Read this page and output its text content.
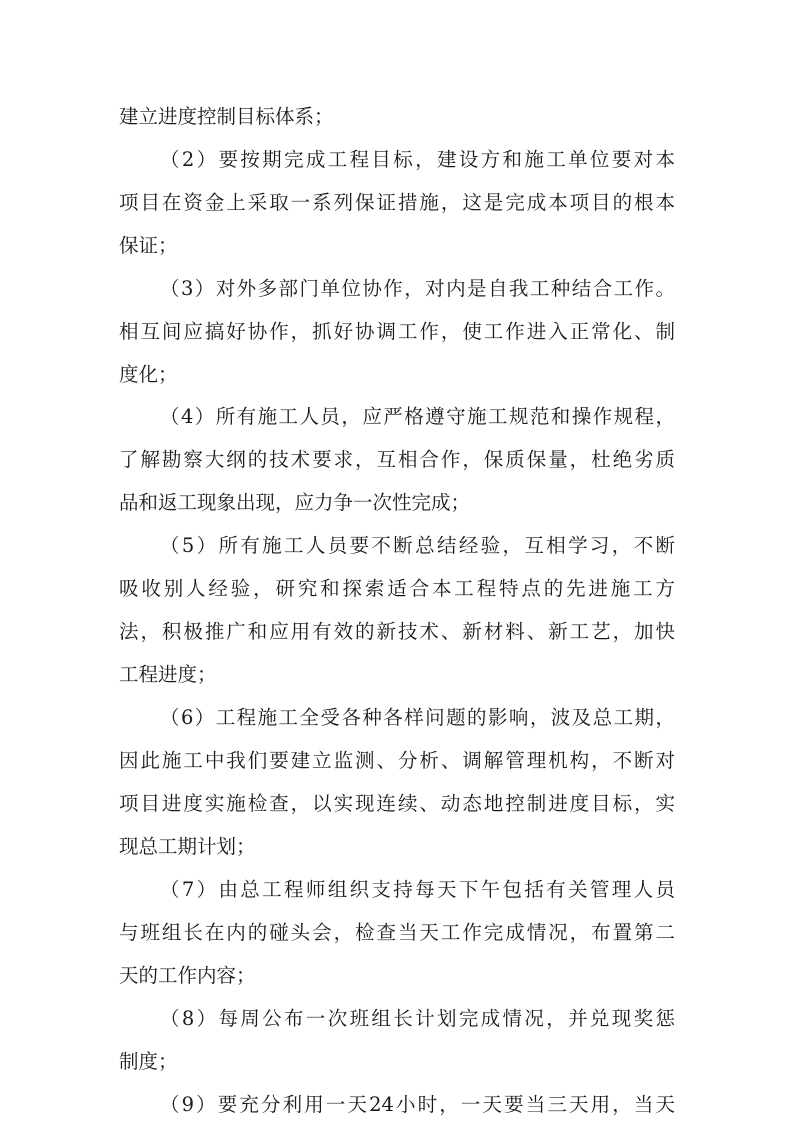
建立进度控制目标体系；
（2）要按期完成工程目标，建设方和施工单位要对本
项目在资金上采取一系列保证措施，这是完成本项目的根本
保证；
（3）对外多部门单位协作，对内是自我工种结合工作。
相互间应搞好协作，抓好协调工作，使工作进入正常化、制
度化；
（4）所有施工人员，应严格遵守施工规范和操作规程，
了解勘察大纲的技术要求，互相合作，保质保量，杜绝劣质
品和返工现象出现，应力争一次性完成；
（5）所有施工人员要不断总结经验，互相学习，不断
吸收别人经验，研究和探索适合本工程特点的先进施工方
法，积极推广和应用有效的新技术、新材料、新工艺，加快
工程进度；
（6）工程施工全受各种各样问题的影响，波及总工期，
因此施工中我们要建立监测、分析、调解管理机构，不断对
项目进度实施检查，以实现连续、动态地控制进度目标，实
现总工期计划；
（7）由总工程师组织支持每天下午包括有关管理人员
与班组长在内的碰头会，检查当天工作完成情况，布置第二
天的工作内容；
（8）每周公布一次班组长计划完成情况，并兑现奖惩
制度；
（9）要充分利用一天24小时，一天要当三天用，当天
